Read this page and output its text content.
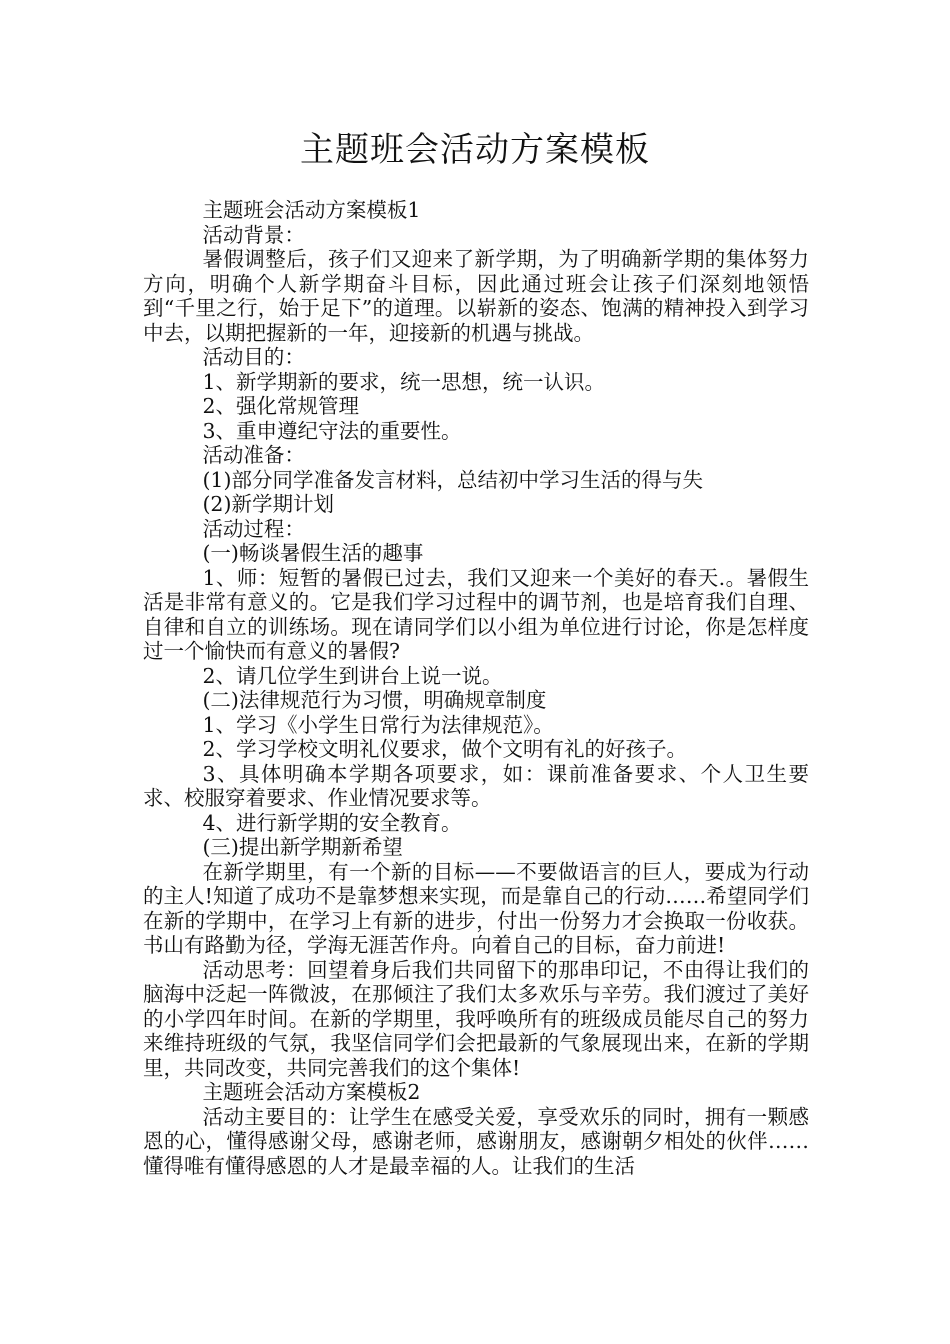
主题班会活动方案模板

主题班会活动方案模板1

活动背景：

暑假调整后，孩子们又迎来了新学期，为了明确新学期的集体努力方向，明确个人新学期奋斗目标，因此通过班会让孩子们深刻地领悟到“千里之行，始于足下”的道理。以崭新的姿态、饱满的精神投入到学习中去，以期把握新的一年，迎接新的机遇与挑战。

活动目的：

1、新学期新的要求，统一思想，统一认识。

2、强化常规管理

3、重申遵纪守法的重要性。

活动准备：

(1)部分同学准备发言材料，总结初中学习生活的得与失

(2)新学期计划

活动过程：

(一)畅谈暑假生活的趣事

1、师：短暂的暑假已过去，我们又迎来一个美好的春天.。暑假生活是非常有意义的。它是我们学习过程中的调节剂，也是培育我们自理、自律和自立的训练场。现在请同学们以小组为单位进行讨论，你是怎样度过一个愉快而有意义的暑假?

2、请几位学生到讲台上说一说。

(二)法律规范行为习惯，明确规章制度

1、学习《小学生日常行为法律规范》。

2、学习学校文明礼仪要求，做个文明有礼的好孩子。

3、具体明确本学期各项要求，如：课前准备要求、个人卫生要求、校服穿着要求、作业情况要求等。

4、进行新学期的安全教育。

(三)提出新学期新希望

在新学期里，有一个新的目标——不要做语言的巨人，要成为行动的主人!知道了成功不是靠梦想来实现，而是靠自己的行动……希望同学们在新的学期中，在学习上有新的进步，付出一份努力才会换取一份收获。书山有路勤为径，学海无涯苦作舟。向着自己的目标，奋力前进!

活动思考：回望着身后我们共同留下的那串印记，不由得让我们的脑海中泛起一阵微波，在那倾注了我们太多欢乐与辛劳。我们渡过了美好的小学四年时间。在新的学期里，我呼唤所有的班级成员能尽自己的努力来维持班级的气氛，我坚信同学们会把最新的气象展现出来，在新的学期里，共同改变，共同完善我们的这个集体!

主题班会活动方案模板2

活动主要目的：让学生在感受关爱，享受欢乐的同时，拥有一颗感恩的心，懂得感谢父母，感谢老师，感谢朋友，感谢朝夕相处的伙伴……懂得唯有懂得感恩的人才是最幸福的人。让我们的生活
